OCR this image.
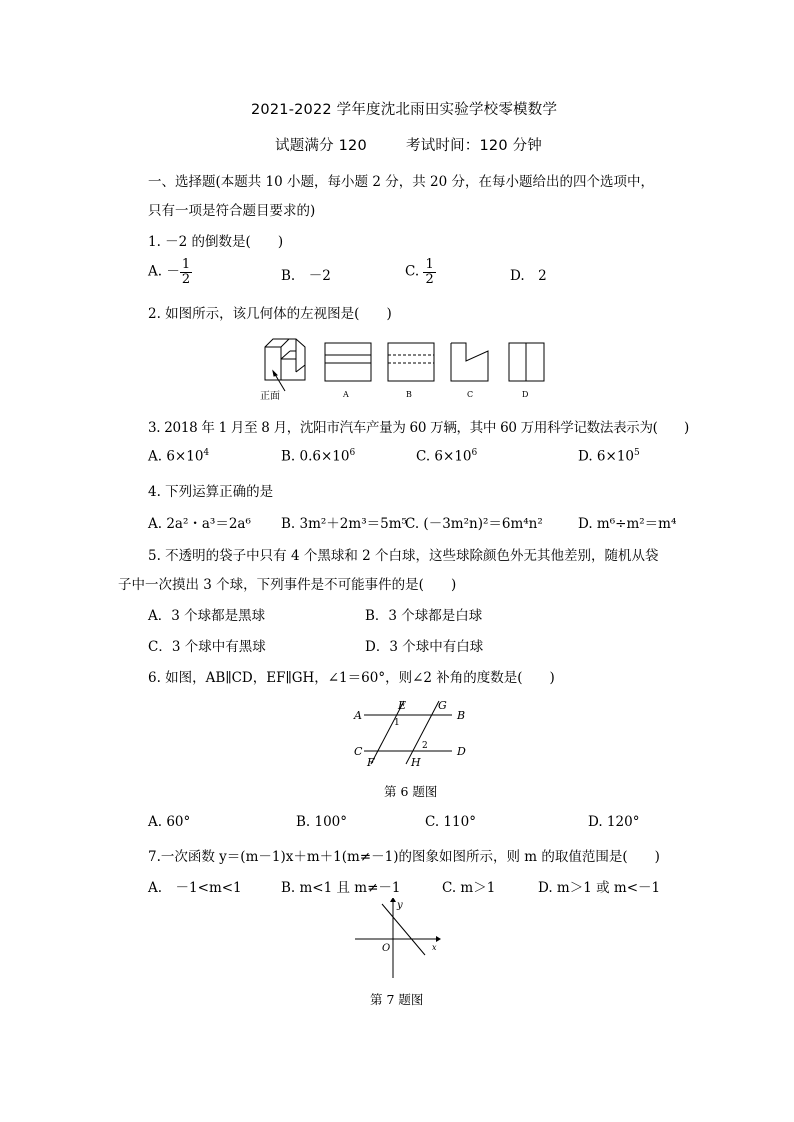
2021-2022 学年度沈北雨田实验学校零模数学
试题满分 120	考试时间：120 分钟
一、选择题(本题共 10 小题，每小题 2 分，共 20 分，在每小题给出的四个选项中，
只有一项是符合题目要求的)
1. －2 的倒数是(　　)
A. － $\frac{1}{2}$	B.　－2	C. $\frac{1}{2}$	D.　2
2. 如图所示，该几何体的左视图是(　　)
正面	A	B	C	D
3. 2018 年 1 月至 8 月，沈阳市汽车产量为 60 万辆，其中 60 万用科学记数法表示为(　　)
A. $6\times 10^4$	B. $0.6\times 10^6$	C. $6\times 10^6$	D. $6\times 10^5$
4. 下列运算正确的是
A. 2a²・a³＝2a⁶ B. 3m²＋2m³＝5m⁵
C. (－3m²n)²＝6m⁴n²	D. m⁶÷m²＝m⁴
5. 不透明的袋子中只有 4 个黑球和 2 个白球，这些球除颜色外无其他差别，随机从袋
子中一次摸出 3 个球，下列事件是不可能事件的是(　　)
A．3 个球都是黑球	B．3 个球都是白球
C．3 个球中有黑球	D．3 个球中有白球
6. 如图，AB∥CD，EF∥GH，∠1＝60°，则∠2 补角的度数是(　　)
A	B
C	D
E
F
G
H
1
2
第 6 题图
A. 60°	B. 100°	C. 110°	D. 120°
7.一次函数 y＝(m－1)x＋m＋1(m≠－1)的图象如图所示，则 m 的取值范围是(　　)
A.　－1<m<1	B. m<1 且 m≠－1	C. m＞1	D. m＞1 或 m<－1
y
x
O
第 7 题图
